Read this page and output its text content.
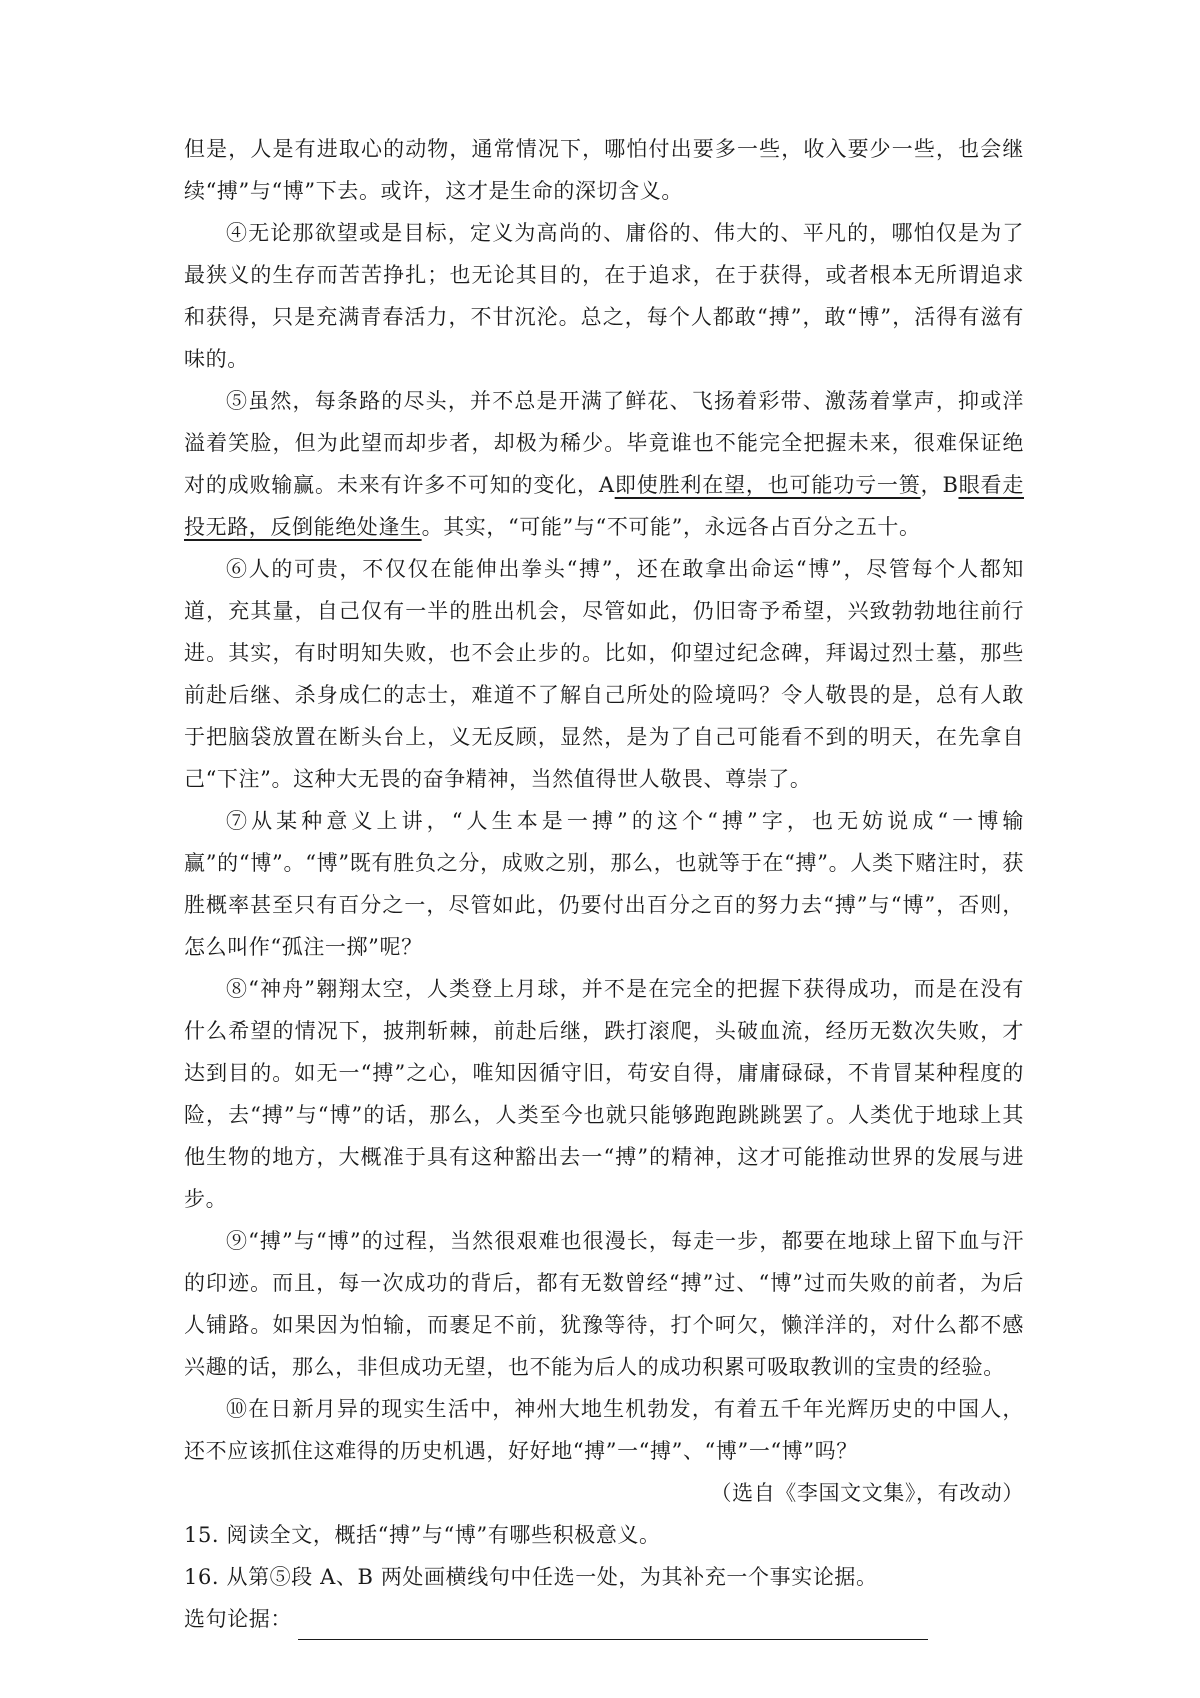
但是，人是有进取心的动物，通常情况下，哪怕付出要多一些，收入要少一些，也会继续“搏”与“博”下去。或许，这才是生命的深切含义。

④无论那欲望或是目标，定义为高尚的、庸俗的、伟大的、平凡的，哪怕仅是为了最狭义的生存而苦苦挣扎；也无论其目的，在于追求，在于获得，或者根本无所谓追求和获得，只是充满青春活力，不甘沉沦。总之，每个人都敢“搏”，敢“博”，活得有滋有味的。

⑤虽然，每条路的尽头，并不总是开满了鲜花、飞扬着彩带、激荡着掌声，抑或洋溢着笑脸，但为此望而却步者，却极为稀少。毕竟谁也不能完全把握未来，很难保证绝对的成败输赢。未来有许多不可知的变化，A即使胜利在望，也可能功亏一篑，B眼看走投无路，反倒能绝处逢生。其实，“可能”与“不可能”，永远各占百分之五十。

⑥人的可贵，不仅仅在能伸出拳头“搏”，还在敢拿出命运“博”，尽管每个人都知道，充其量，自己仅有一半的胜出机会，尽管如此，仍旧寄予希望，兴致勃勃地往前行进。其实，有时明知失败，也不会止步的。比如，仰望过纪念碑，拜谒过烈士墓，那些前赴后继、杀身成仁的志士，难道不了解自己所处的险境吗？令人敬畏的是，总有人敢于把脑袋放置在断头台上，义无反顾，显然，是为了自己可能看不到的明天，在先拿自己“下注”。这种大无畏的奋争精神，当然值得世人敬畏、尊崇了。

⑦从某种意义上讲，“人生本是一搏”的这个“搏”字，也无妨说成“一博输赢”的“博”。“博”既有胜负之分，成败之别，那么，也就等于在“搏”。人类下赌注时，获胜概率甚至只有百分之一，尽管如此，仍要付出百分之百的努力去“搏”与“博”，否则，怎么叫作“孤注一掷”呢？

⑧“神舟”翱翔太空，人类登上月球，并不是在完全的把握下获得成功，而是在没有什么希望的情况下，披荆斩棘，前赴后继，跌打滚爬，头破血流，经历无数次失败，才达到目的。如无一“搏”之心，唯知因循守旧，苟安自得，庸庸碌碌，不肯冒某种程度的险，去“搏”与“博”的话，那么，人类至今也就只能够跑跑跳跳罢了。人类优于地球上其他生物的地方，大概准于具有这种豁出去一“搏”的精神，这才可能推动世界的发展与进步。

⑨“搏”与“博”的过程，当然很艰难也很漫长，每走一步，都要在地球上留下血与汗的印迹。而且，每一次成功的背后，都有无数曾经“搏”过、“博”过而失败的前者，为后人铺路。如果因为怕输，而裹足不前，犹豫等待，打个呵欠，懒洋洋的，对什么都不感兴趣的话，那么，非但成功无望，也不能为后人的成功积累可吸取教训的宝贵的经验。

⑩在日新月异的现实生活中，神州大地生机勃发，有着五千年光辉历史的中国人，还不应该抓住这难得的历史机遇，好好地“搏”一“搏”、“博”一“博”吗？

（选自《李国文文集》，有改动）

15. 阅读全文，概括“搏”与“博”有哪些积极意义。

16. 从第⑤段 A、B 两处画横线句中任选一处，为其补充一个事实论据。

选句论据：
